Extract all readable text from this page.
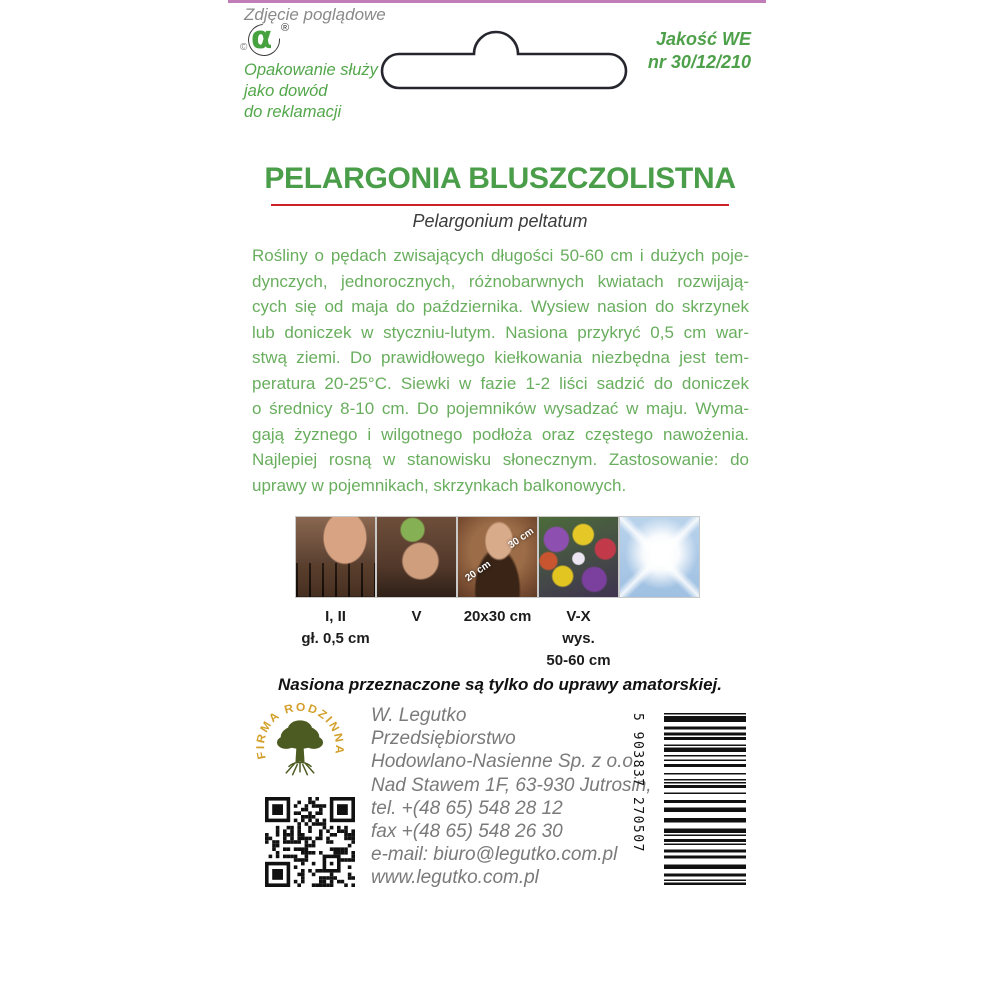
Zdjęcie poglądowe
© α ®
Opakowanie służy
jako dowód
do reklamacji
Jakość WE
nr 30/12/210
PELARGONIA BLUSZCZOLISTNA
Pelargonium peltatum
Rośliny o pędach zwisających długości 50-60 cm i dużych poje-
dynczych, jednorocznych, różnobarwnych kwiatach rozwijają-
cych się od maja do października. Wysiew nasion do skrzynek
lub doniczek w styczniu-lutym. Nasiona przykryć 0,5 cm war-
stwą ziemi. Do prawidłowego kiełkowania niezbędna jest tem-
peratura 20-25°C. Siewki w fazie 1-2 liści sadzić do doniczek
o średnicy 8-10 cm. Do pojemników wysadzać w maju. Wyma-
gają żyznego i wilgotnego podłoża oraz częstego nawożenia.
Najlepiej rosną w stanowisku słonecznym. Zastosowanie: do
uprawy w pojemnikach, skrzynkach balkonowych.
30 cm
20 cm
I, II
gł. 0,5 cm
V	20x30 cm	V-X
wys.
50-60 cm
Nasiona przeznaczone są tylko do uprawy amatorskiej.
FIRMA RODZINNA
W. Legutko
Przedsiębiorstwo
Hodowlano-Nasienne Sp. z o.o.
Nad Stawem 1F, 63-930 Jutrosin,
tel. +(48 65) 548 28 12
fax +(48 65) 548 26 30
e-mail: biuro@legutko.com.pl
www.legutko.com.pl
5 903837 270507
